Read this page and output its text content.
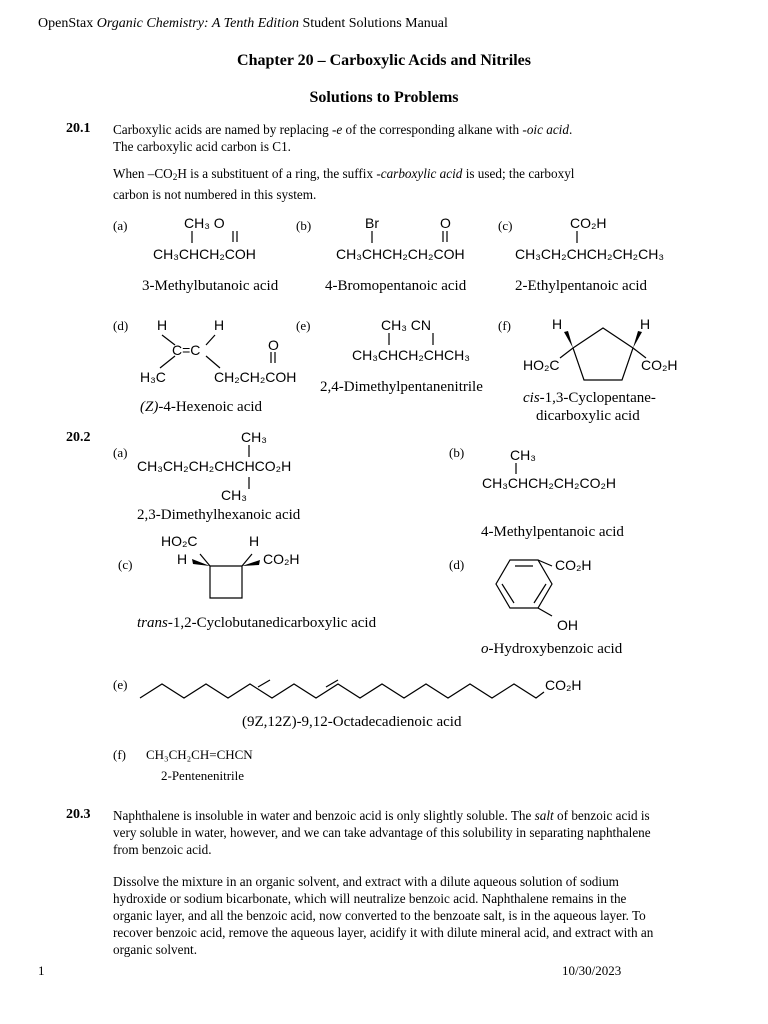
OpenStax Organic Chemistry: A Tenth Edition Student Solutions Manual
Chapter 20 – Carboxylic Acids and Nitriles
Solutions to Problems
20.1 Carboxylic acids are named by replacing -e of the corresponding alkane with -oic acid.
The carboxylic acid carbon is C1.
When $-CO_2H$ is a substituent of a ring, the suffix -carboxylic acid is used; the carboxyl
carbon is not numbered in this system.
(a)	CH₃ O
CH₃CHCH₂COH
3-Methylbutanoic acid
(b)	Br	O
CH₃CHCH₂CH₂COH
4-Bromopentanoic acid
(c)	CO₂H
CH₃CH₂CHCH₂CH₂CH₃
2-Ethylpentanoic acid
(d) H	H
C=C	O
H₃C	CH₂CH₂COH
(Z)-4-Hexenoic acid
(e)	CH₃ CN
CH₃CHCH₂CHCH₃
2,4-Dimethylpentanenitrile
(f)	H	H
HO₂C	CO₂H
cis-1,3-Cyclopentane-
dicarboxylic acid
20.2
(a)
CH₃
CH₃CH₂CH₂CHCHCO₂H
CH₃
2,3-Dimethylhexanoic acid
(b)	CH₃
CH₃CHCH₂CH₂CO₂H
4-Methylpentanoic acid
(c)
HO₂C
H
H
CO₂H
trans-1,2-Cyclobutanedicarboxylic acid
(d)	CO₂H
OH
o-Hydroxybenzoic acid
(e)	CO₂H
(9Z,12Z)-9,12-Octadecadienoic acid
(f) CH₃CH₂CH=CHCN
2-Pentenenitrile
20.3 Naphthalene is insoluble in water and benzoic acid is only slightly soluble. The salt of benzoic acid is very soluble in water, however, and we can take advantage of this solubility in separating naphthalene from benzoic acid.
Dissolve the mixture in an organic solvent, and extract with a dilute aqueous solution of sodium hydroxide or sodium bicarbonate, which will neutralize benzoic acid. Naphthalene remains in the organic layer, and all the benzoic acid, now converted to the benzoate salt, is in the aqueous layer. To recover benzoic acid, remove the aqueous layer, acidify it with dilute mineral acid, and extract with an organic solvent.
1	10/30/2023
